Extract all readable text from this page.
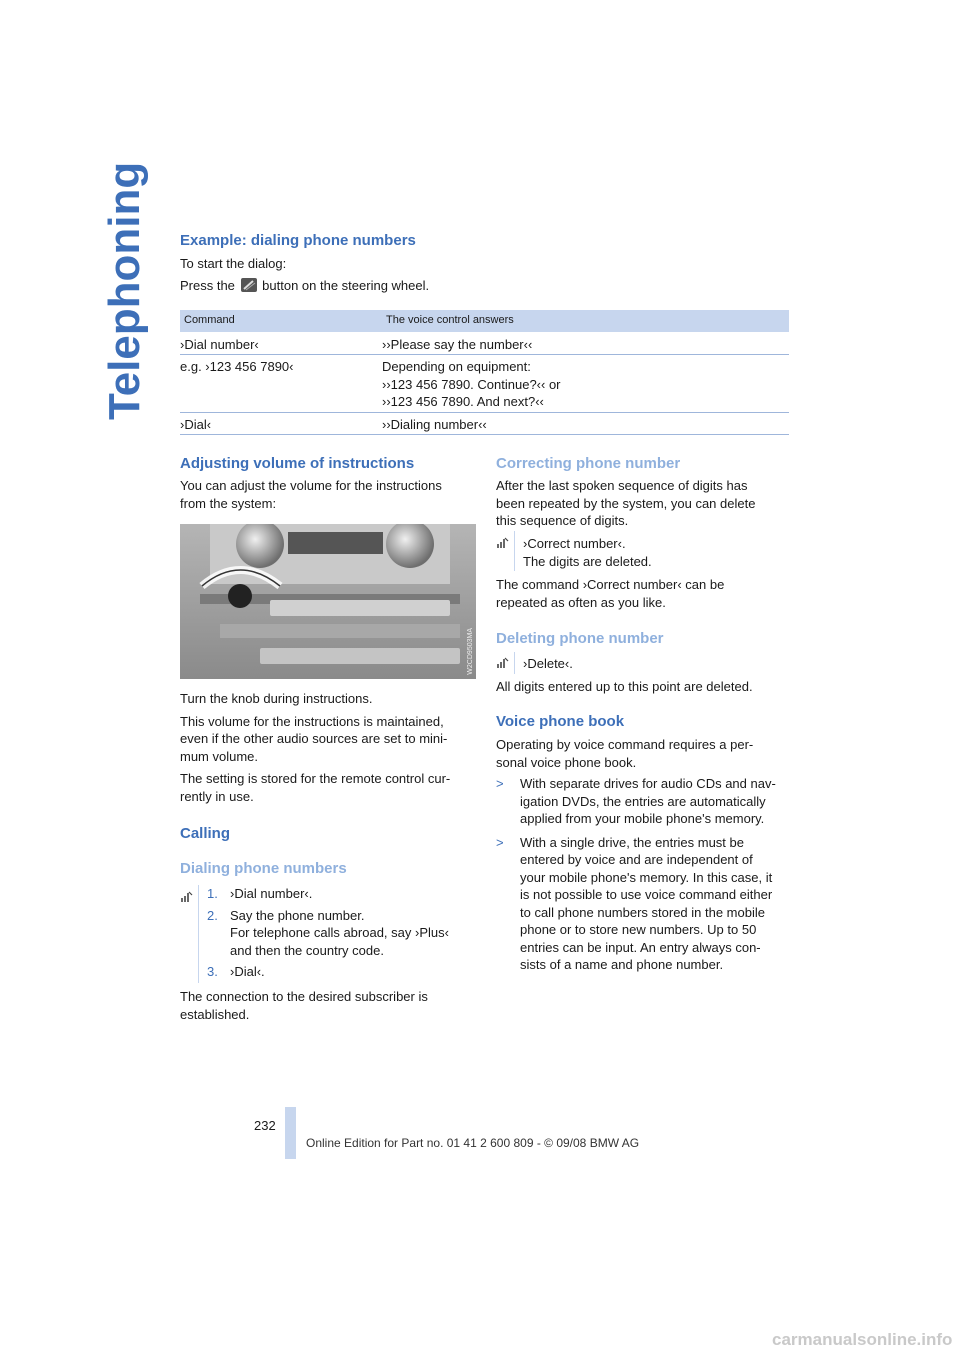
Telephoning Example: dialing phone numbers

To start the dialog:

Press the button on the steering wheel.

Command	The voice control answers
›Dial number‹	››Please say the number‹‹
e.g. ›123 456 7890‹	Depending on equipment:
››123 456 7890. Continue?‹‹ or
››123 456 7890. And next?‹‹
›Dial‹	››Dialing number‹‹
Adjusting volume of instructions

You can adjust the volume for the instructions

from the system:

W2CD9503MA

Turn the knob during instructions.

This volume for the instructions is maintained,

even if the other audio sources are set to mini-

mum volume.

The setting is stored for the remote control cur-

rently in use.

Calling
Dialing phone numbers
1. ›Dial number‹.

2. Say the phone number.

For telephone calls abroad, say ›Plus‹

and then the country code.

3. ›Dial‹.

The connection to the desired subscriber is

established.

Correcting phone number

After the last spoken sequence of digits has

been repeated by the system, you can delete

this sequence of digits.

›Correct number‹.

The digits are deleted.

The command ›Correct number‹ can be

repeated as often as you like.

Deleting phone number

›Delete‹.

All digits entered up to this point are deleted.

Voice phone book

Operating by voice command requires a per-

sonal voice phone book.

> With separate drives for audio CDs and nav-

igation DVDs, the entries are automatically

applied from your mobile phone's memory.

> With a single drive, the entries must be

entered by voice and are independent of

your mobile phone's memory. In this case, it

is not possible to use voice command either

to call phone numbers stored in the mobile

phone or to store new numbers. Up to 50

entries can be input. An entry always con-

sists of a name and phone number.

232
Online Edition for Part no. 01 41 2 600 809 - © 09/08 BMW AG
carmanualsonline.info
